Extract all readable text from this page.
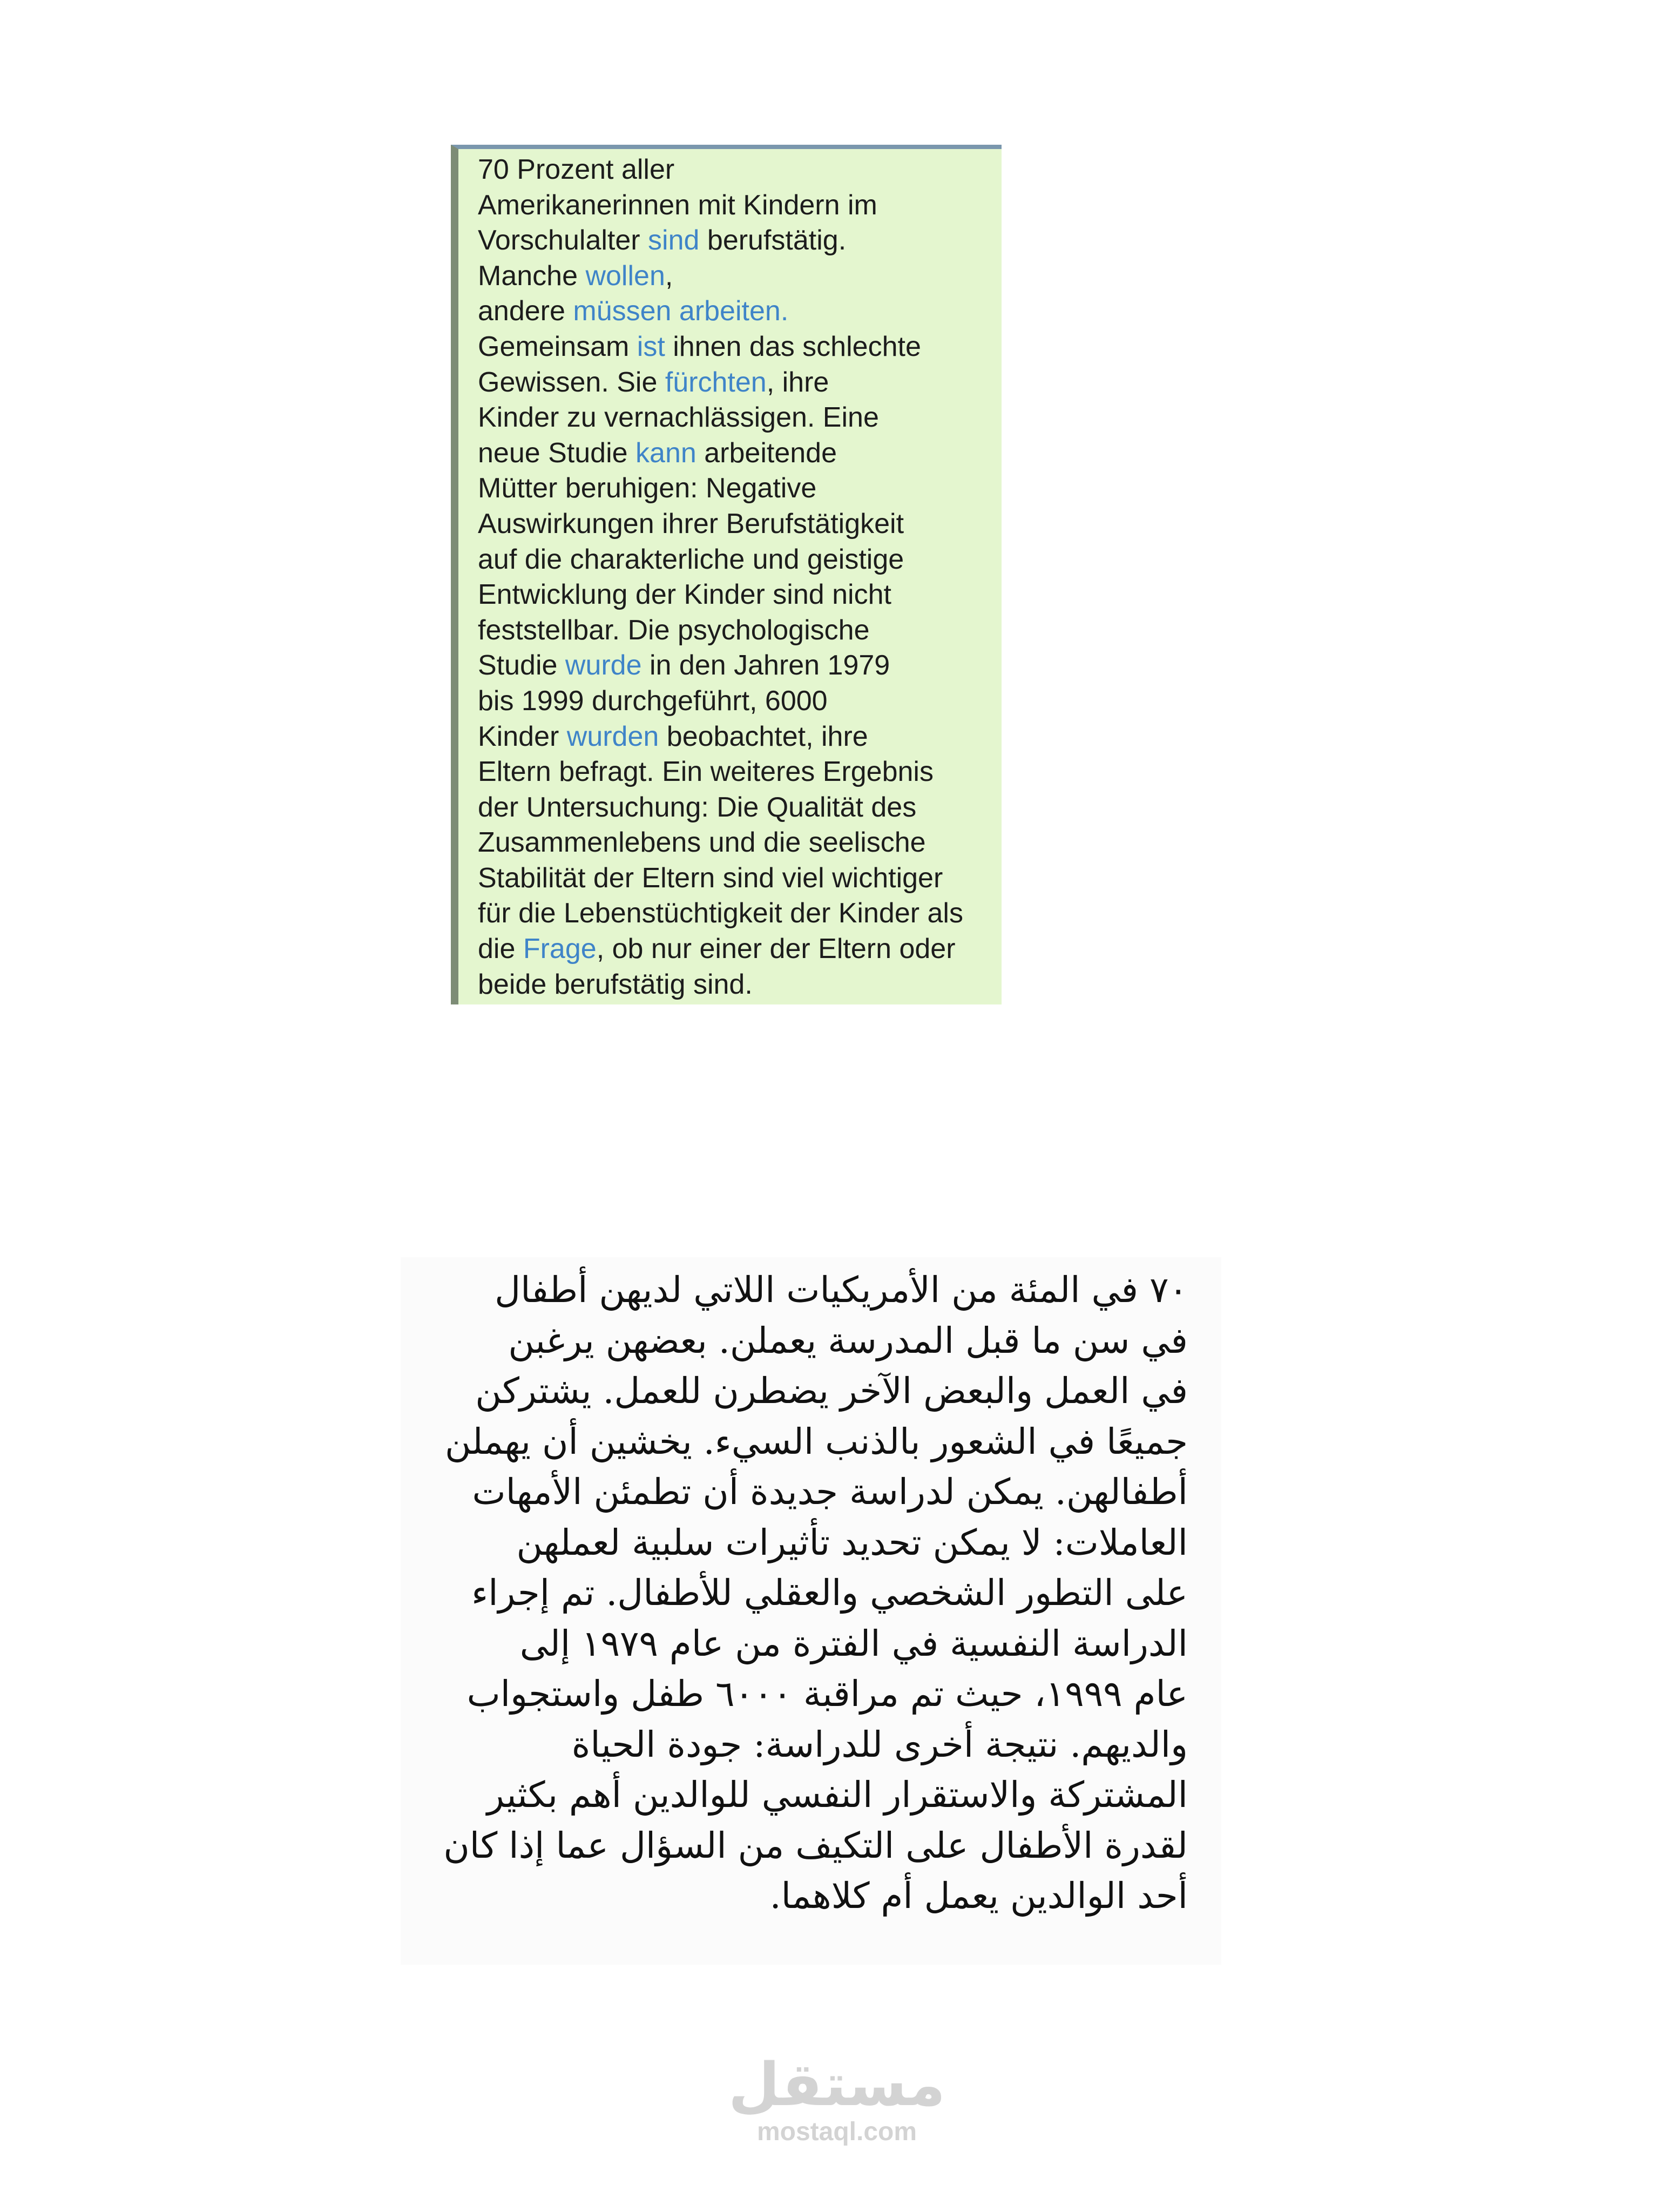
70 Prozent aller
Amerikanerinnen mit Kindern im
Vorschulalter sind berufstätig.
Manche wollen,
andere müssen arbeiten.
Gemeinsam ist ihnen das schlechte
Gewissen. Sie fürchten, ihre
Kinder zu vernachlässigen. Eine
neue Studie kann arbeitende
Mütter beruhigen: Negative
Auswirkungen ihrer Berufstätigkeit
auf die charakterliche und geistige
Entwicklung der Kinder sind nicht
feststellbar. Die psychologische
Studie wurde in den Jahren 1979
bis 1999 durchgeführt, 6000
Kinder wurden beobachtet, ihre
Eltern befragt. Ein weiteres Ergebnis
der Untersuchung: Die Qualität des
Zusammenlebens und die seelische
Stabilität der Eltern sind viel wichtiger
für die Lebenstüchtigkeit der Kinder als
die Frage, ob nur einer der Eltern oder
beide berufstätig sind.
٧٠ في المئة من الأمريكيات اللاتي لديهن أطفال
في سن ما قبل المدرسة يعملن. بعضهن يرغبن
في العمل والبعض الآخر يضطرن للعمل. يشتركن
جميعًا في الشعور بالذنب السيء. يخشين أن يهملن
أطفالهن. يمكن لدراسة جديدة أن تطمئن الأمهات
العاملات: لا يمكن تحديد تأثيرات سلبية لعملهن
على التطور الشخصي والعقلي للأطفال. تم إجراء
الدراسة النفسية في الفترة من عام ١٩٧٩ إلى
عام ١٩٩٩، حيث تم مراقبة ٦٠٠٠ طفل واستجواب
والديهم. نتيجة أخرى للدراسة: جودة الحياة
المشتركة والاستقرار النفسي للوالدين أهم بكثير
لقدرة الأطفال على التكيف من السؤال عما إذا كان
أحد الوالدين يعمل أم كلاهما.
مستقل
mostaql.com
